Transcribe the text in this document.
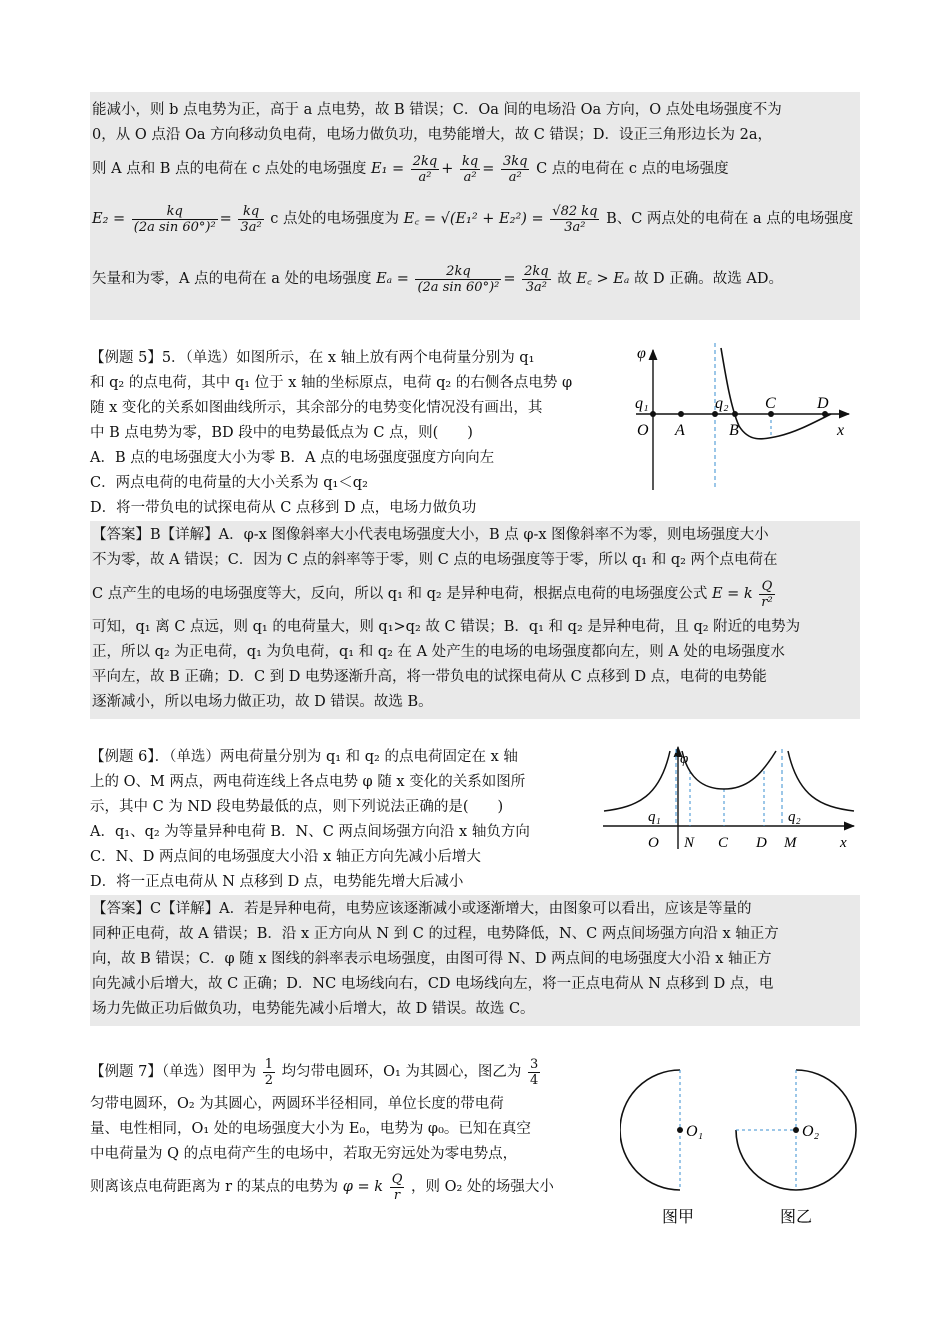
能减小，则 b 点电势为正，高于 a 点电势，故 B 错误；C．Oa 间的电场沿 Oa 方向，O 点处电场强度不为

0，从 O 点沿 Oa 方向移动负电荷，电场力做负功，电势能增大，故 C 错误；D．设正三角形边长为 2a，

则 A 点和 B 点的电荷在 c 点处的电场强度 $E_1 = \frac{2kq}{\text{a²}} + \frac{kq}{\text{a²}} = \frac{3kq}{\text{a²}}$ C 点的电荷在 c 点的电场强度

$E_2 = \frac{kq}{\text{(2a sin 60°)²}} = \frac{kq}{\text{3a²}}$ c 点处的电场强度为 E꜀ = $√(E_1^2 + E_2^2) = \frac{√82 kq}{\text{3a²}}$ B、C 两点处的电荷在 a 点的电场强度

矢量和为零，A 点的电荷在 a 处的电场强度 $E_a = \frac{2kq}{\text{(2a sin 60°)²}} = \frac{2kq}{\text{3a²}}$ 故 E꜀ > Eₐ 故 D 正确。故选 AD。

【例题 5】5．（单选）如图所示，在 x 轴上放有两个电荷量分别为 q₁

和 q₂ 的点电荷，其中 q₁ 位于 x 轴的坐标原点，电荷 q₂ 的右侧各点电势 φ

随 x 变化的关系如图曲线所示，其余部分的电势变化情况没有画出，其

中 B 点电势为零，BD 段中的电势最低点为 C 点，则(　　)

A．B 点的电场强度大小为零 B．A 点的电场强度强度方向向左

C．两点电荷的电荷量的大小关系为 q₁＜q₂

D．将一带负电的试探电荷从 C 点移到 D 点，电场力做负功

φ
q₁	q₂
O A	B
C	D
x

【答案】B【详解】A．φ-x 图像斜率大小代表电场强度大小，B 点 φ-x 图像斜率不为零，则电场强度大小

不为零，故 A 错误；C．因为 C 点的斜率等于零，则 C 点的电场强度等于零，所以 q₁ 和 q₂ 两个点电荷在

C 点产生的电场的电场强度等大，反向，所以 q₁ 和 q₂ 是异种电荷，根据点电荷的电场强度公式 E = k $\frac{Q}{\text{r²}}$

可知，q₁ 离 C 点远，则 q₁ 的电荷量大，则 q₁>q₂ 故 C 错误；B．q₁ 和 q₂ 是异种电荷，且 q₂ 附近的电势为

正，所以 q₂ 为正电荷，q₁ 为负电荷，q₁ 和 q₂ 在 A 处产生的电场的电场强度都向左，则 A 处的电场强度水

平向左，故 B 正确；D．C 到 D 电势逐渐升高，将一带负电的试探电荷从 C 点移到 D 点，电荷的电势能

逐渐减小，所以电场力做正功，故 D 错误。故选 B。

【例题 6】．（单选）两电荷量分别为 q₁ 和 q₂ 的点电荷固定在 x 轴

上的 O、M 两点，两电荷连线上各点电势 φ 随 x 变化的关系如图所

示，其中 C 为 ND 段电势最低的点，则下列说法正确的是(　　)

A．q₁、q₂ 为等量异种电荷 B．N、C 两点间场强方向沿 x 轴负方向

C．N、D 两点间的电场强度大小沿 x 轴正方向先减小后增大

D．将一正点电荷从 N 点移到 D 点，电势能先增大后减小

φ
q₁	q₂
O N C D M	x

【答案】C【详解】A．若是异种电荷，电势应该逐渐减小或逐渐增大，由图象可以看出，应该是等量的

同种正电荷，故 A 错误；B．沿 x 正方向从 N 到 C 的过程，电势降低，N、C 两点间场强方向沿 x 轴正方

向，故 B 错误；C．φ 随 x 图线的斜率表示电场强度，由图可得 N、D 两点间的电场强度大小沿 x 轴正方

向先减小后增大，故 C 正确；D．NC 电场线向右，CD 电场线向左，将一正点电荷从 N 点移到 D 点，电

场力先做正功后做负功，电势能先减小后增大，故 D 错误。故选 C。

【例题 7】（单选）图甲为 $\frac{1}{2}$ 均匀带电圆环，O₁ 为其圆心，图乙为 $\frac{3}{4}$

匀带电圆环，O₂ 为其圆心，两圆环半径相同，单位长度的带电荷

量、电性相同，O₁ 处的电场强度大小为 E₀，电势为 φ₀。已知在真空

中电荷量为 Q 的点电荷产生的电场中，若取无穷远处为零电势点，

则离该点电荷距离为 r 的某点的电势为 φ = k $\frac{Q}{r}$ ，则 O₂ 处的场强大小

O₁
图甲
O₂
图乙
